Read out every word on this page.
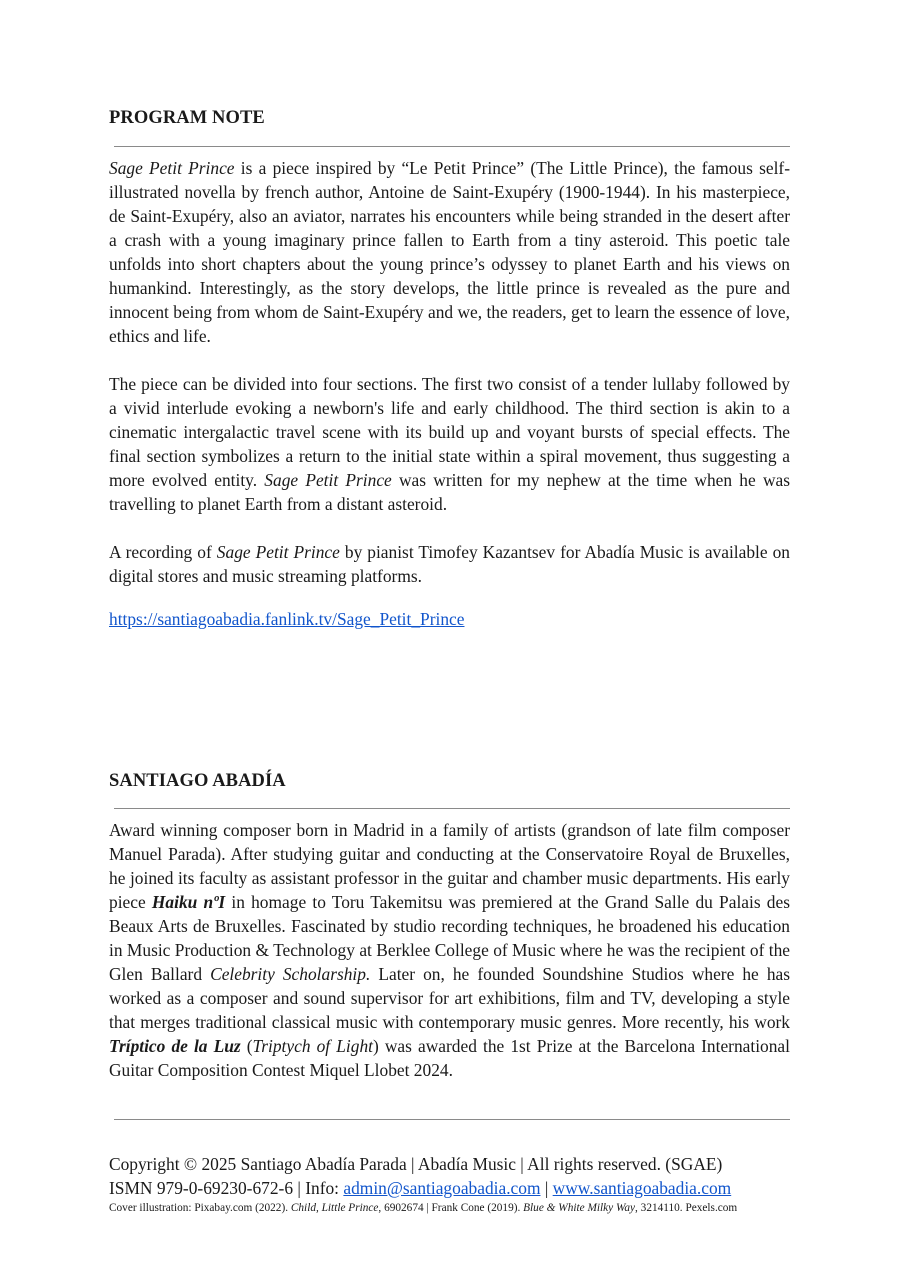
PROGRAM NOTE

Sage Petit Prince is a piece inspired by “Le Petit Prince” (The Little Prince), the famous self-illustrated novella by french author, Antoine de Saint-Exupéry (1900-1944). In his masterpiece, de Saint-Exupéry, also an aviator, narrates his encounters while being stranded in the desert after a crash with a young imaginary prince fallen to Earth from a tiny asteroid. This poetic tale unfolds into short chapters about the young prince’s odyssey to planet Earth and his views on humankind. Interestingly, as the story develops, the little prince is revealed as the pure and innocent being from whom de Saint-Exupéry and we, the readers, get to learn the essence of love, ethics and life.

The piece can be divided into four sections. The first two consist of a tender lullaby followed by a vivid interlude evoking a newborn's life and early childhood. The third section is akin to a cinematic intergalactic travel scene with its build up and voyant bursts of special effects. The final section symbolizes a return to the initial state within a spiral movement, thus suggesting a more evolved entity. Sage Petit Prince was written for my nephew at the time when he was travelling to planet Earth from a distant asteroid.

A recording of Sage Petit Prince by pianist Timofey Kazantsev for Abadía Music is available on digital stores and music streaming platforms.

https://santiagoabadia.fanlink.tv/Sage_Petit_Prince

SANTIAGO ABADÍA

Award winning composer born in Madrid in a family of artists (grandson of late film composer Manuel Parada). After studying guitar and conducting at the Conservatoire Royal de Bruxelles, he joined its faculty as assistant professor in the guitar and chamber music departments. His early piece Haiku nºI in homage to Toru Takemitsu was premiered at the Grand Salle du Palais des Beaux Arts de Bruxelles. Fascinated by studio recording techniques, he broadened his education in Music Production & Technology at Berklee College of Music where he was the recipient of the Glen Ballard Celebrity Scholarship. Later on, he founded Soundshine Studios where he has worked as a composer and sound supervisor for art exhibitions, film and TV, developing a style that merges traditional classical music with contemporary music genres. More recently, his work Tríptico de la Luz (Triptych of Light) was awarded the 1st Prize at the Barcelona International Guitar Composition Contest Miquel Llobet 2024.

Copyright © 2025 Santiago Abadía Parada | Abadía Music | All rights reserved. (SGAE)

ISMN 979-0-69230-672-6 | Info: admin@santiagoabadia.com | www.santiagoabadia.com

Cover illustration: Pixabay.com (2022). Child, Little Prince, 6902674 | Frank Cone (2019). Blue & White Milky Way, 3214110. Pexels.com
